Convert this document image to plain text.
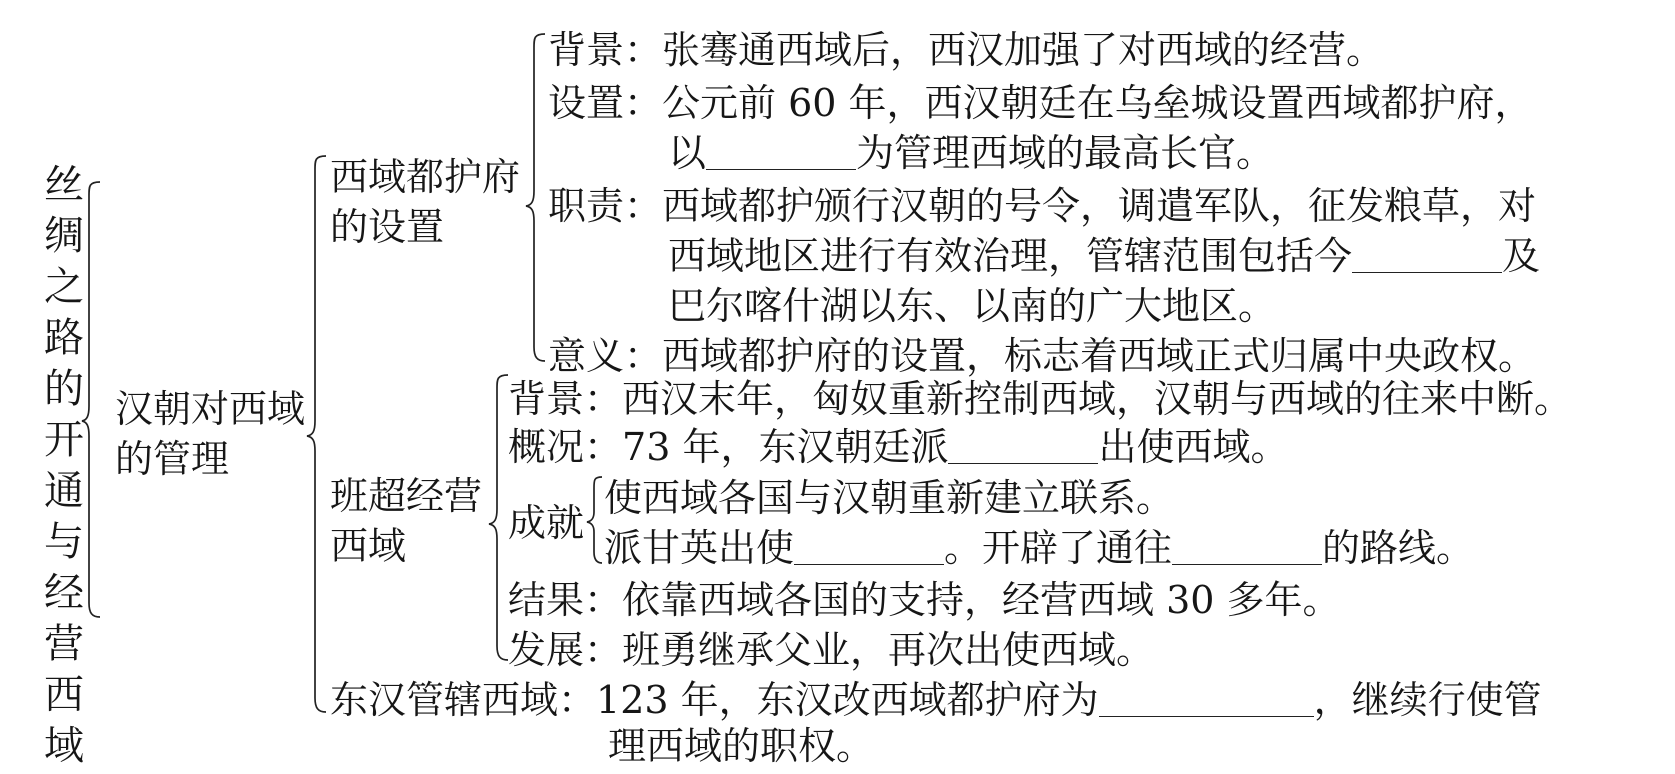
丝绸之路的开通与经营西域
汉朝对西域
的管理
西域都护府
的设置
背景：张骞通西域后，西汉加强了对西域的经营。
设置：公元前 60 年，西汉朝廷在乌垒城设置西域都护府，
以	为管理西域的最高长官。
职责：西域都护颁行汉朝的号令，调遣军队，征发粮草，对
西域地区进行有效治理，管辖范围包括今	及
巴尔喀什湖以东、以南的广大地区。
意义：西域都护府的设置，标志着西域正式归属中央政权。
班超经营
西域
背景：西汉末年，匈奴重新控制西域，汉朝与西域的往来中断。
概况：73 年，东汉朝廷派	出使西域。
成就
使西域各国与汉朝重新建立联系。
派甘英出使	。开辟了通往	的路线。
结果：依靠西域各国的支持，经营西域 30 多年。
发展：班勇继承父业，再次出使西域。
东汉管辖西域：123 年，东汉改西域都护府为	，继续行使管
理西域的职权。
